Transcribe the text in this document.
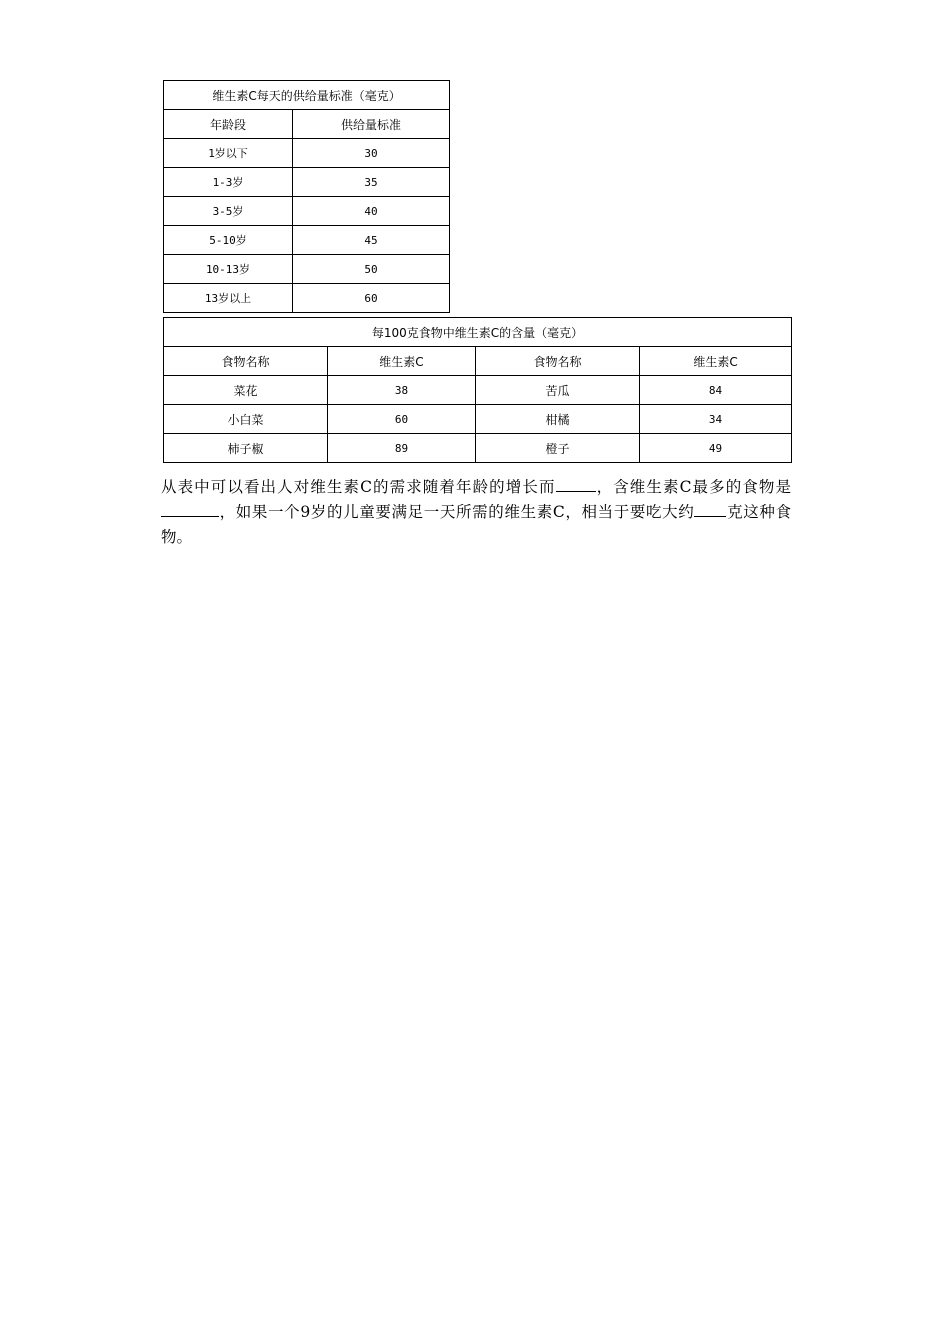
维生素C每天的供给量标准（毫克）	
年龄段	供给量标准
1岁以下	30
1-3岁	35
3-5岁	40
5-10岁	45
10-13岁	50
13岁以上	60
每100克食物中维生素C的含量（毫克）			
食物名称	维生素C	食物名称	维生素C
菜花	38	苦瓜	84
小白菜	60	柑橘	34
柿子椒	89	橙子	49
从表中可以看出人对维生素C的需求随着年龄的增长而	，含维生素C最多的食物是，如果一个9岁的儿童要满足一天所需的维生素C，相当于要吃大约 克这种食物。
